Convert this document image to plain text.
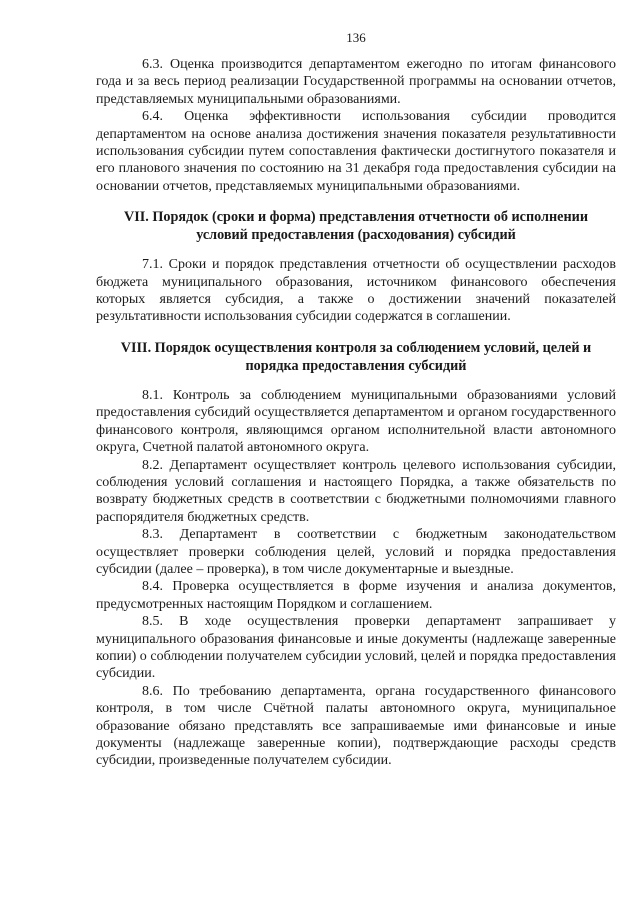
136

6.3. Оценка производится департаментом ежегодно по итогам финансового года и за весь период реализации Государственной программы на основании отчетов, представляемых муниципальными образованиями.

6.4. Оценка эффективности использования субсидии проводится департаментом на основе анализа достижения значения показателя результативности использования субсидии путем сопоставления фактически достигнутого показателя и его планового значения по состоянию на 31 декабря года предоставления субсидии на основании отчетов, представляемых муниципальными образованиями.

VII. Порядок (сроки и форма) представления отчетности об исполнении условий предоставления (расходования) субсидий

7.1. Сроки и порядок представления отчетности об осуществлении расходов бюджета муниципального образования, источником финансового обеспечения которых является субсидия, а также о достижении значений показателей результативности использования субсидии содержатся в соглашении.

VIII. Порядок осуществления контроля за соблюдением условий, целей и порядка предоставления субсидий

8.1. Контроль за соблюдением муниципальными образованиями условий предоставления субсидий осуществляется департаментом и органом государственного финансового контроля, являющимся органом исполнительной власти автономного округа, Счетной палатой автономного округа.

8.2. Департамент осуществляет контроль целевого использования субсидии, соблюдения условий соглашения и настоящего Порядка, а также обязательств по возврату бюджетных средств в соответствии с бюджетными полномочиями главного распорядителя бюджетных средств.

8.3. Департамент в соответствии с бюджетным законодательством осуществляет проверки соблюдения целей, условий и порядка предоставления субсидии (далее – проверка), в том числе документарные и выездные.

8.4. Проверка осуществляется в форме изучения и анализа документов, предусмотренных настоящим Порядком и соглашением.

8.5. В ходе осуществления проверки департамент запрашивает у муниципального образования финансовые и иные документы (надлежаще заверенные копии) о соблюдении получателем субсидии условий, целей и порядка предоставления субсидии.

8.6. По требованию департамента, органа государственного финансового контроля, в том числе Счётной палаты автономного округа, муниципальное образование обязано представлять все запрашиваемые ими финансовые и иные документы (надлежаще заверенные копии), подтверждающие расходы средств субсидии, произведенные получателем субсидии.
